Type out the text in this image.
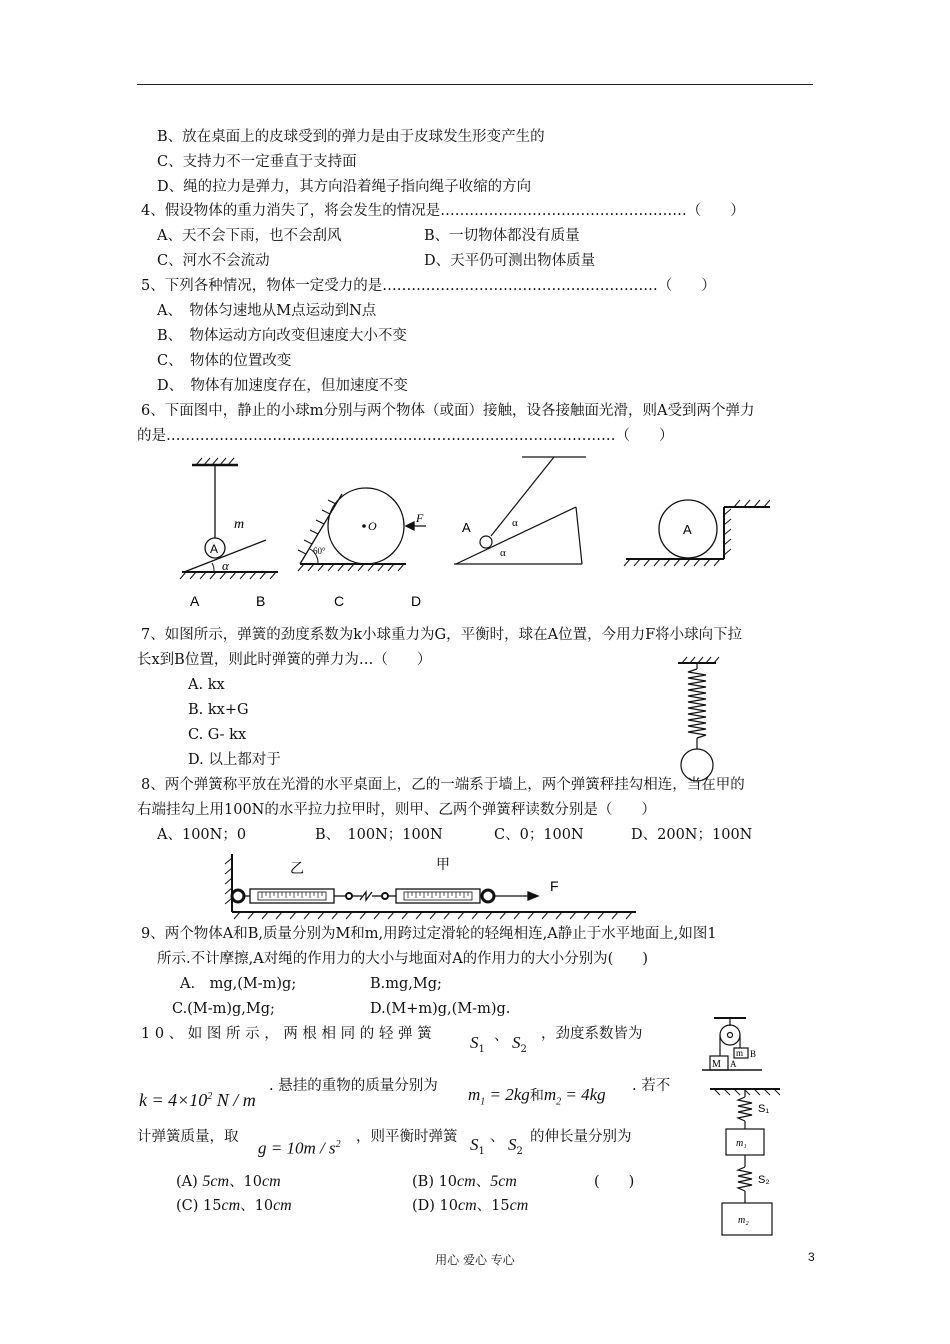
B、放在桌面上的皮球受到的弹力是由于皮球发生形变产生的
C、支持力不一定垂直于支持面
D、绳的拉力是弹力，其方向沿着绳子指向绳子收缩的方向
4、假设物体的重力消失了，将会发生的情况是……………………………………………（　　）
A、天不会下雨，也不会刮风	B、一切物体都没有质量
C、河水不会流动	D、天平仍可测出物体质量
5、下列各种情况，物体一定受力的是…………………………………………………（　　）
A、　物体匀速地从M点运动到N点
B、　物体运动方向改变但速度大小不变
C、　物体的位置改变
D、　物体有加速度存在，但加速度不变
6、下面图中，静止的小球m分别与两个物体（或面）接触，设各接触面光滑，则A受到两个弹力
的是…………………………………………………………………………………（　　）
m
A
α
O
F
60°
A	α
α
A
A	B	C	D
7、如图所示，弹簧的劲度系数为k小球重力为G，平衡时，球在A位置，今用力F将小球向下拉
长x到B位置，则此时弹簧的弹力为…（　　）
A. kx
B. kx+G
C. G- kx
D. 以上都对于
8、两个弹簧称平放在光滑的水平桌面上，乙的一端系于墙上，两个弹簧秤挂勾相连，当在甲的
右端挂勾上用100N的水平拉力拉甲时，则甲、乙两个弹簧秤读数分别是（　　）
A、100N；0	B、　100N；100N	C、0；100N	D、200N；100N
乙	甲
F
9、两个物体A和B,质量分别为M和m,用跨过定滑轮的轻绳相连,A静止于水平地面上,如图1
所示.不计摩擦,A对绳的作用力的大小与地面对A的作用力的大小分别为(　　)
A.　mg,(M-m)g;	B.mg,Mg;
C.(M-m)g,Mg;	D.(M+m)g,(M-m)g.
m B
M A
1 0 、 如 图 所 示 ， 两 根 相 同 的 轻 弹 簧 $S_1$
、 $S_2$
，劲度系数皆为
$k = 4\times 10^2$ N / m
. 悬挂的重物的质量分别为 $m_1 = 2kg$和$m_2 = 4kg$ . 若不
计弹簧质量，取
$g = 10m / s^2$ ，则平衡时弹簧 $S_1$
、 $S_2$
的伸长量分别为
(A) 5cm、10cm	(B) 10cm、5cm	(　　)
(C) 15cm、10cm	(D) 10cm、15cm
S₁
m₁
S₂
m₂
用心 爱心 专心	3
